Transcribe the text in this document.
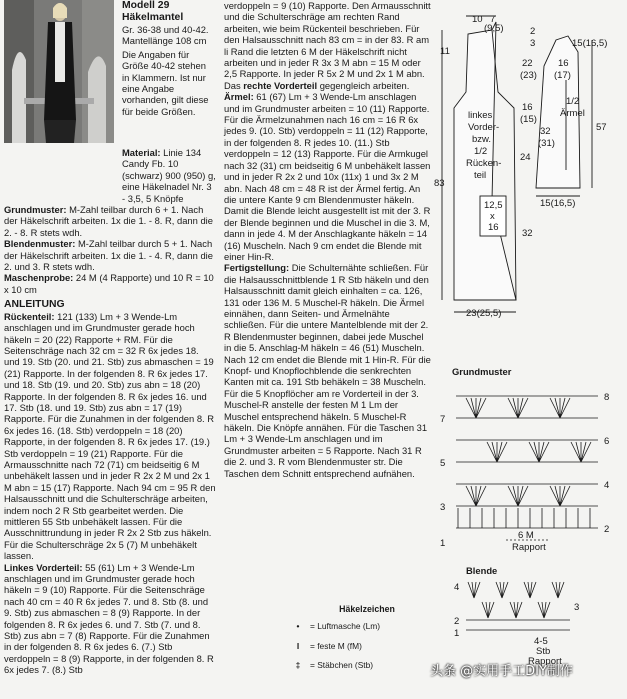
Modell 29
Häkelmantel
Gr. 36-38 und 40-42. Mantellänge 108 cm
Die Angaben für Größe 40-42 stehen in Klammern. Ist nur eine Angabe vorhanden, gilt diese für beide Größen.

Material: Linie 134 Candy Fb. 10 (schwarz) 900 (950) g, eine Häkelnadel Nr. 3 - 3,5, 5 Knöpfe

Grundmuster: M-Zahl teilbar durch 6 + 1. Nach der Häkelschrift arbeiten. 1x die 1. - 8. R, dann die 2. - 8. R stets wdh.

Blendenmuster: M-Zahl teilbar durch 5 + 1. Nach der Häkelschrift arbeiten. 1x die 1. - 4. R, dann die 2. und 3. R stets wdh.

Maschenprobe: 24 M (4 Rapporte) und 10 R = 10 x 10 cm

ANLEITUNG

Rückenteil: 121 (133) Lm + 3 Wende-Lm anschlagen und im Grundmuster gerade hoch häkeln = 20 (22) Rapporte + RM. Für die Seitenschräge nach 32 cm = 32 R 6x jedes 18. und 19. Stb (20. und 21. Stb) zus abmaschen = 19 (21) Rapporte. In der folgenden 8. R 6x jedes 17. und 18. Stb (19. und 20. Stb) zus abn = 18 (20) Rapporte. In der folgenden 8. R 6x jedes 16. und 17. Stb (18. und 19. Stb) zus abn = 17 (19) Rapporte. Für die Zunahmen in der folgenden 8. R 6x jedes 16. (18. Stb) verdoppeln = 18 (20) Rapporte, in der folgenden 8. R 6x jedes 17. (19.) Stb verdoppeln = 19 (21) Rapporte. Für die Armausschnitte nach 72 (71) cm beidseitig 6 M unbehäkelt lassen und in jeder R 2x 2 M und 2x 1 M abn = 15 (17) Rapporte. Nach 94 cm = 95 R den Halsausschnitt und die Schulterschräge arbeiten, indem noch 2 R Stb gearbeitet werden. Die mittleren 55 Stb unbehäkelt lassen. Für die Ausschnittrundung in jeder R 2x 2 Stb zus häkeln. Für die Schulterschräge 2x 5 (7) M unbehäkelt lassen.

Linkes Vorderteil: 55 (61) Lm + 3 Wende-Lm anschlagen und im Grundmuster gerade hoch häkeln = 9 (10) Rapporte. Für die Seitenschräge nach 40 cm = 40 R 6x jedes 7. und 8. Stb (8. und 9. Stb) zus abmaschen = 8 (9) Rapporte. In der folgenden 8. R 6x jedes 6. und 7. Stb (7. und 8. Stb) zus abn = 7 (8) Rapporte. Für die Zunahmen in der folgenden 8. R 6x jedes 6. (7.) Stb verdoppeln = 8 (9) Rapporte, in der folgenden 8. R 6x jedes 7. (8.) Stb

verdoppeln = 9 (10) Rapporte. Den Armausschnitt und die Schulterschräge am rechten Rand arbeiten, wie beim Rückenteil beschrieben. Für den Halsausschnitt nach 83 cm = in der 83. R am li Rand die letzten 6 M der Häkelschrift nicht arbeiten und in jeder R 3x 3 M abn = 15 M oder 2,5 Rapporte. In jeder R 5x 2 M und 2x 1 M abn. Das rechte Vorderteil gegengleich arbeiten.

Ärmel: 61 (67) Lm + 3 Wende-Lm anschlagen und im Grundmuster arbeiten = 10 (11) Rapporte. Für die Ärmelzunahmen nach 16 cm = 16 R 6x jedes 9. (10. Stb) verdoppeln = 11 (12) Rapporte, in der folgenden 8. R jedes 10. (11.) Stb verdoppeln = 12 (13) Rapporte. Für die Armkugel nach 32 (31) cm beidseitig 6 M unbehäkelt lassen und in jeder R 2x 2 und 10x (11x) 1 und 3x 2 M abn. Nach 48 cm = 48 R ist der Ärmel fertig. An die untere Kante 9 cm Blendenmuster häkeln. Damit die Blende leicht ausgestellt ist mit der 3. R der Blende beginnen und die Muschel in die 3. M, dann in jede 4. M der Anschlagkante häkeln = 14 (16) Muscheln. Nach 9 cm endet die Blende mit einer Hin-R.

Fertigstellung: Die Schulternähte schließen. Für die Halsausschnittblende 1 R Stb häkeln und den Halsausschnitt damit gleich einhalten = ca. 126, 131 oder 136 M. 5 Muschel-R häkeln. Die Ärmel einnähen, dann Seiten- und Ärmelnähte schließen. Für die untere Mantelblende mit der 2. R Blendenmuster beginnen, dabei jede Muschel in die 5. Anschlag-M häkeln = 46 (51) Muscheln. Nach 12 cm endet die Blende mit 1 Hin-R. Für die Knopf- und Knopflochblende die senkrechten Kanten mit ca. 191 Stb behäkeln = 38 Muscheln. Für die 5 Knopflöcher am re Vorderteil in der 3. Muschel-R anstelle der festen M 1 Lm der Muschel entsprechend häkeln. 5 Muschel-R häkeln. Die Knöpfe annähen. Für die Taschen 31 Lm + 3 Wende-Lm anschlagen und im Grundmuster arbeiten = 5 Rapporte. Nach 31 R die 2. und 3. R vom Blendenmuster str. Die Taschen dem Schnitt entsprechend aufnähen.

10 7
(9,5)	2
3
11
22
(23)
16
(17)
16
(15)
15(16,5)
linkes
Vorder-
bzw.
1/2
Rücken-
teil
1/2
Ärmel
32
(31)
24
57
83
12,5
x
16
32
15(16,5)
23(25,5)
Grundmuster
8
7
6
5
4
3
2
1
6 M
Rapport
Blende
4
2
1
3
4-5
Stb
Rapport
Häkelzeichen
•	= Luftmasche (Lm)
I	= feste M (fM)
‡	= Stäbchen (Stb)	头条 @实用手工DIY制作
